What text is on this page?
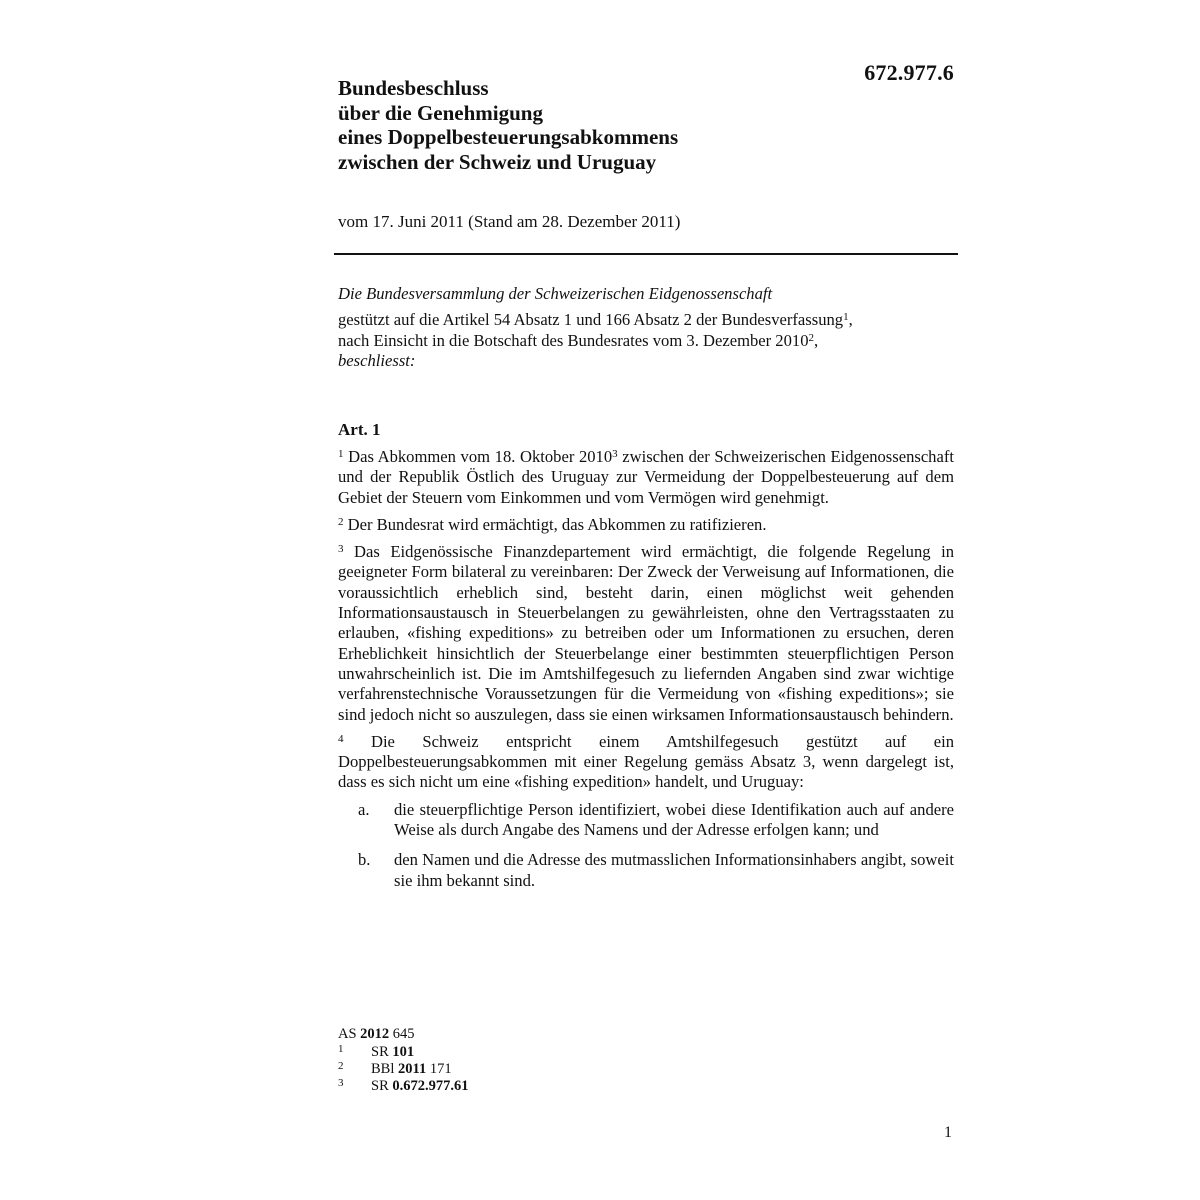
672.977.6
Bundesbeschluss
über die Genehmigung
eines Doppelbesteuerungsabkommens
zwischen der Schweiz und Uruguay
vom 17. Juni 2011 (Stand am 28. Dezember 2011)
Die Bundesversammlung der Schweizerischen Eidgenossenschaft
gestützt auf die Artikel 54 Absatz 1 und 166 Absatz 2 der Bundesverfassung$^1$,
nach Einsicht in die Botschaft des Bundesrates vom 3. Dezember 2010$^2$,
beschliesst:
Art. 1

$^1$ Das Abkommen vom 18. Oktober 2010$^3$ zwischen der Schweizerischen Eidgenossenschaft und der Republik Östlich des Uruguay zur Vermeidung der Doppelbesteuerung auf dem Gebiet der Steuern vom Einkommen und vom Vermögen wird genehmigt.

$^2$ Der Bundesrat wird ermächtigt, das Abkommen zu ratifizieren.

$^3$ Das Eidgenössische Finanzdepartement wird ermächtigt, die folgende Regelung in geeigneter Form bilateral zu vereinbaren: Der Zweck der Verweisung auf Informationen, die voraussichtlich erheblich sind, besteht darin, einen möglichst weit gehenden Informationsaustausch in Steuerbelangen zu gewährleisten, ohne den Vertragsstaaten zu erlauben, «fishing expeditions» zu betreiben oder um Informationen zu ersuchen, deren Erheblichkeit hinsichtlich der Steuerbelange einer bestimmten steuerpflichtigen Person unwahrscheinlich ist. Die im Amtshilfegesuch zu liefernden Angaben sind zwar wichtige verfahrenstechnische Voraussetzungen für die Vermeidung von «fishing expeditions»; sie sind jedoch nicht so auszulegen, dass sie einen wirksamen Informationsaustausch behindern.

$^4$ Die Schweiz entspricht einem Amtshilfegesuch gestützt auf ein Doppelbesteuerungsabkommen mit einer Regelung gemäss Absatz 3, wenn dargelegt ist, dass es sich nicht um eine «fishing expedition» handelt, und Uruguay:

a. die steuerpflichtige Person identifiziert, wobei diese Identifikation auch auf andere Weise als durch Angabe des Namens und der Adresse erfolgen kann; und
b. den Namen und die Adresse des mutmasslichen Informationsinhabers angibt, soweit sie ihm bekannt sind.
AS 2012 645
1 SR 101
2 BBl 2011 171
3 SR 0.672.977.61
1
